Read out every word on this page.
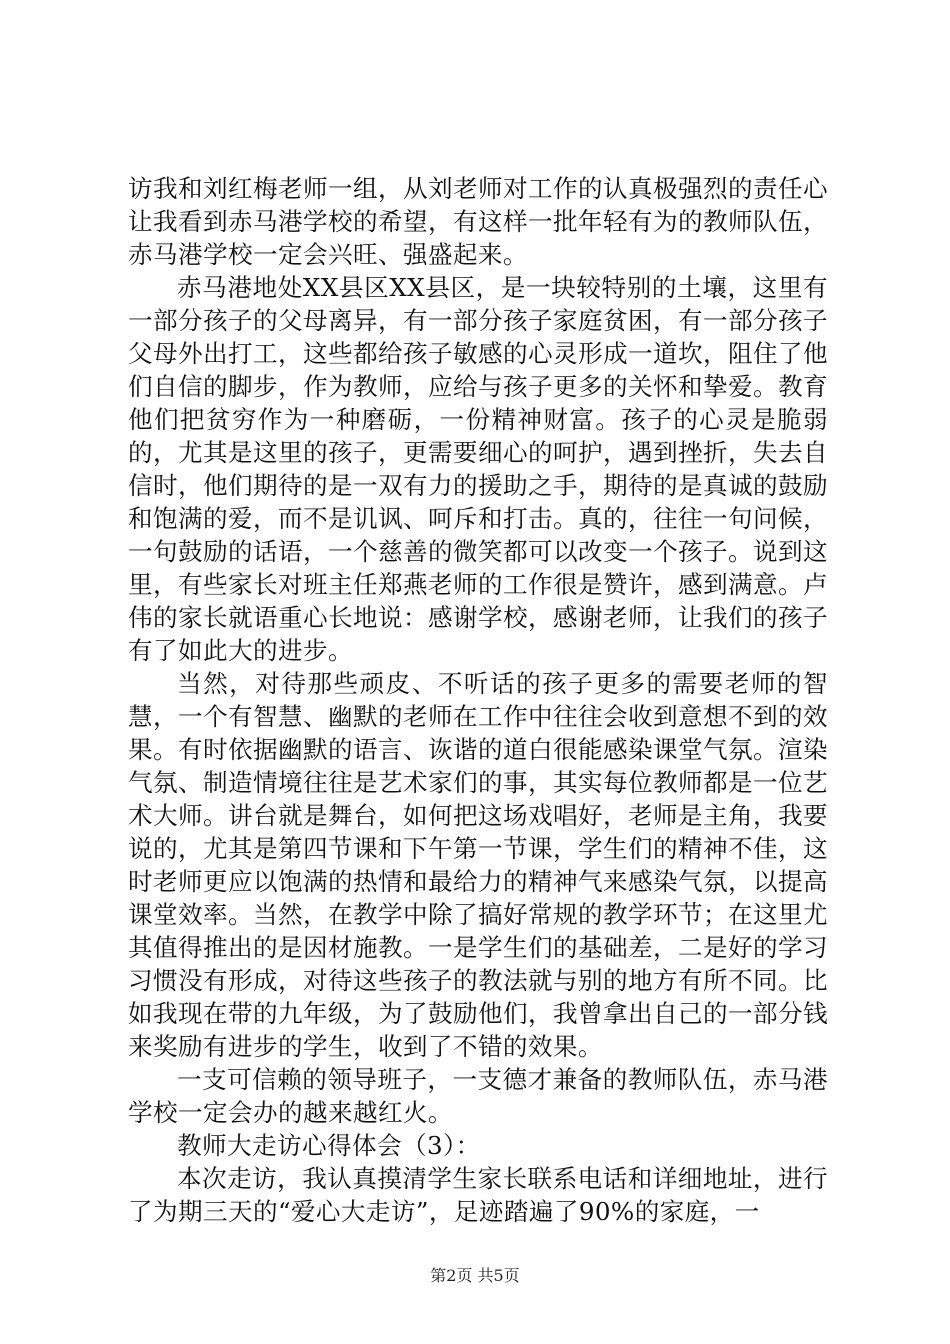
访我和刘红梅老师一组，从刘老师对工作的认真极强烈的责任心让我看到赤马港学校的希望，有这样一批年轻有为的教师队伍，赤马港学校一定会兴旺、强盛起来。

赤马港地处XX县区XX县区，是一块较特别的土壤，这里有一部分孩子的父母离异，有一部分孩子家庭贫困，有一部分孩子父母外出打工，这些都给孩子敏感的心灵形成一道坎，阻住了他们自信的脚步，作为教师，应给与孩子更多的关怀和挚爱。教育他们把贫穷作为一种磨砺，一份精神财富。孩子的心灵是脆弱的，尤其是这里的孩子，更需要细心的呵护，遇到挫折，失去自信时，他们期待的是一双有力的援助之手，期待的是真诚的鼓励和饱满的爱，而不是讥讽、呵斥和打击。真的，往往一句问候，一句鼓励的话语，一个慈善的微笑都可以改变一个孩子。说到这里，有些家长对班主任郑燕老师的工作很是赞许，感到满意。卢伟的家长就语重心长地说：感谢学校，感谢老师，让我们的孩子有了如此大的进步。

当然，对待那些顽皮、不听话的孩子更多的需要老师的智慧，一个有智慧、幽默的老师在工作中往往会收到意想不到的效果。有时依据幽默的语言、诙谐的道白很能感染课堂气氛。渲染气氛、制造情境往往是艺术家们的事，其实每位教师都是一位艺术大师。讲台就是舞台，如何把这场戏唱好，老师是主角，我要说的，尤其是第四节课和下午第一节课，学生们的精神不佳，这时老师更应以饱满的热情和最给力的精神气来感染气氛，以提高课堂效率。当然，在教学中除了搞好常规的教学环节；在这里尤其值得推出的是因材施教。一是学生们的基础差，二是好的学习习惯没有形成，对待这些孩子的教法就与别的地方有所不同。比如我现在带的九年级，为了鼓励他们，我曾拿出自己的一部分钱来奖励有进步的学生，收到了不错的效果。

一支可信赖的领导班子，一支德才兼备的教师队伍，赤马港学校一定会办的越来越红火。

教师大走访心得体会（3）：

本次走访，我认真摸清学生家长联系电话和详细地址，进行了为期三天的“爱心大走访”，足迹踏遍了90%的家庭，一

第2页 共5页
